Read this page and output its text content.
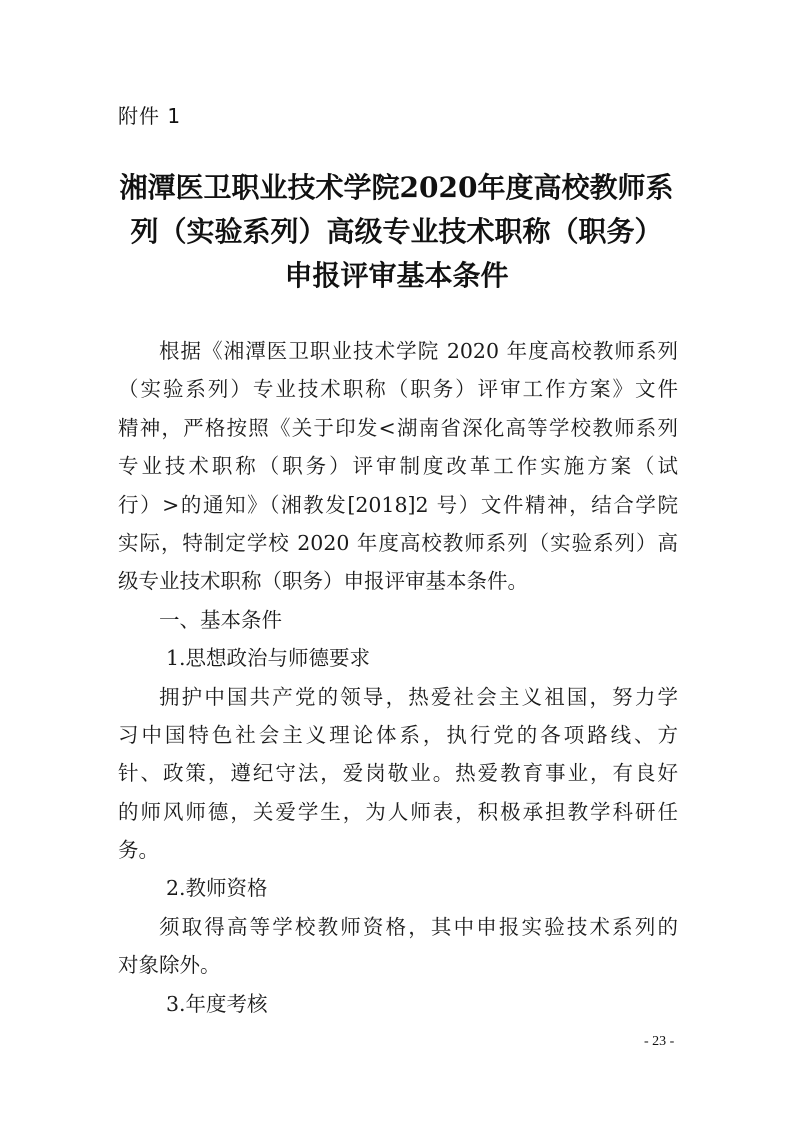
附件 1
湘潭医卫职业技术学院2020年度高校教师系
列（实验系列）高级专业技术职称（职务）
申报评审基本条件
根据《湘潭医卫职业技术学院 2020 年度高校教师系列
（实验系列）专业技术职称（职务）评审工作方案》文件
精神，严格按照《关于印发<湖南省深化高等学校教师系列
专业技术职称（职务）评审制度改革工作实施方案（试
行）>的通知》（湘教发[2018]2 号）文件精神，结合学院
实际，特制定学校 2020 年度高校教师系列（实验系列）高
级专业技术职称（职务）申报评审基本条件。
一、基本条件
1.思想政治与师德要求
拥护中国共产党的领导，热爱社会主义祖国，努力学
习中国特色社会主义理论体系，执行党的各项路线、方
针、政策，遵纪守法，爱岗敬业。热爱教育事业，有良好
的师风师德，关爱学生，为人师表，积极承担教学科研任
务。
2.教师资格
须取得高等学校教师资格，其中申报实验技术系列的
对象除外。
3.年度考核
- 23 -
